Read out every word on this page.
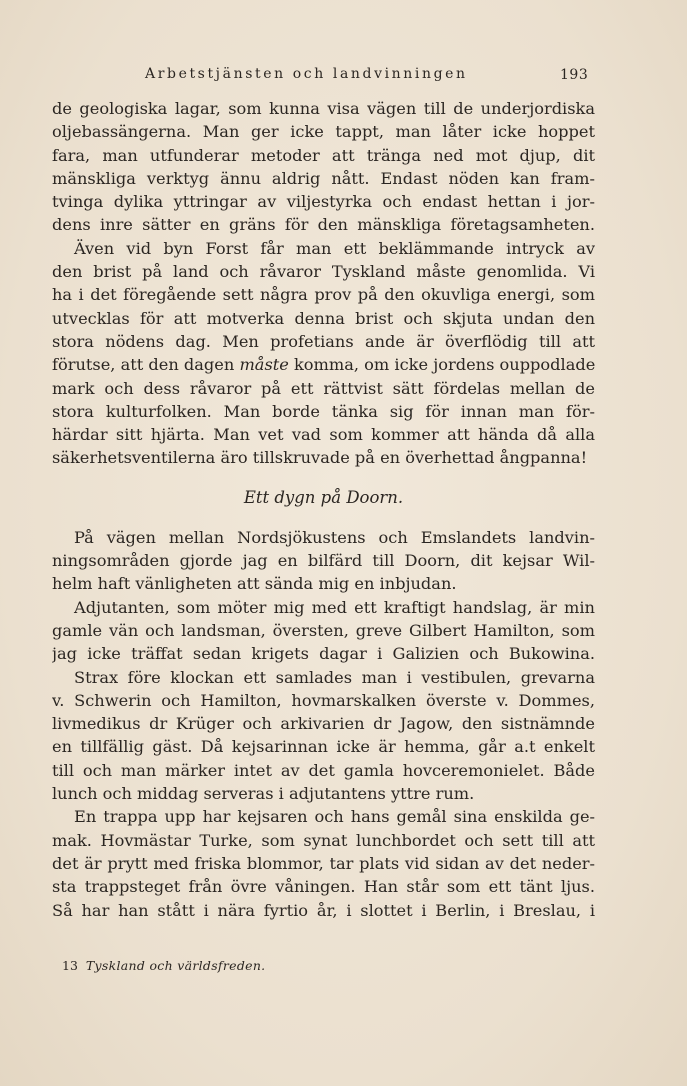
Arbetstjänsten och landvinningen	193
de geologiska lagar, som kunna visa vägen till de underjordiska
oljebassängerna. Man ger icke tappt, man låter icke hoppet
fara, man utfunderar metoder att tränga ned mot djup, dit
mänskliga verktyg ännu aldrig nått. Endast nöden kan fram-
tvinga dylika yttringar av viljestyrka och endast hettan i jor-
dens inre sätter en gräns för den mänskliga företagsamheten.
Även vid byn Forst får man ett beklämmande intryck av
den brist på land och råvaror Tyskland måste genomlida. Vi
ha i det föregående sett några prov på den okuvliga energi, som
utvecklas för att motverka denna brist och skjuta undan den
stora nödens dag. Men profetians ande är överflödig till att
förutse, att den dagen måste komma, om icke jordens ouppodlade
mark och dess råvaror på ett rättvist sätt fördelas mellan de
stora kulturfolken. Man borde tänka sig för innan man för-
härdar sitt hjärta. Man vet vad som kommer att hända då alla
säkerhetsventilerna äro tillskruvade på en överhettad ångpanna!
Ett dygn på Doorn.
På vägen mellan Nordsjökustens och Emslandets landvin-
ningsområden gjorde jag en bilfärd till Doorn, dit kejsar Wil-
helm haft vänligheten att sända mig en inbjudan.
Adjutanten, som möter mig med ett kraftigt handslag, är min
gamle vän och landsman, översten, greve Gilbert Hamilton, som
jag icke träffat sedan krigets dagar i Galizien och Bukowina.
Strax före klockan ett samlades man i vestibulen, grevarna
v. Schwerin och Hamilton, hovmarskalken överste v. Dommes,
livmedikus dr Krüger och arkivarien dr Jagow, den sistnämnde
en tillfällig gäst. Då kejsarinnan icke är hemma, går a.t enkelt
till och man märker intet av det gamla hovceremonielet. Både
lunch och middag serveras i adjutantens yttre rum.
En trappa upp har kejsaren och hans gemål sina enskilda ge-
mak. Hovmästar Turke, som synat lunchbordet och sett till att
det är prytt med friska blommor, tar plats vid sidan av det neder-
sta trappsteget från övre våningen. Han står som ett tänt ljus.
Så har han stått i nära fyrtio år, i slottet i Berlin, i Breslau, i
13 Tyskland och världsfreden.
